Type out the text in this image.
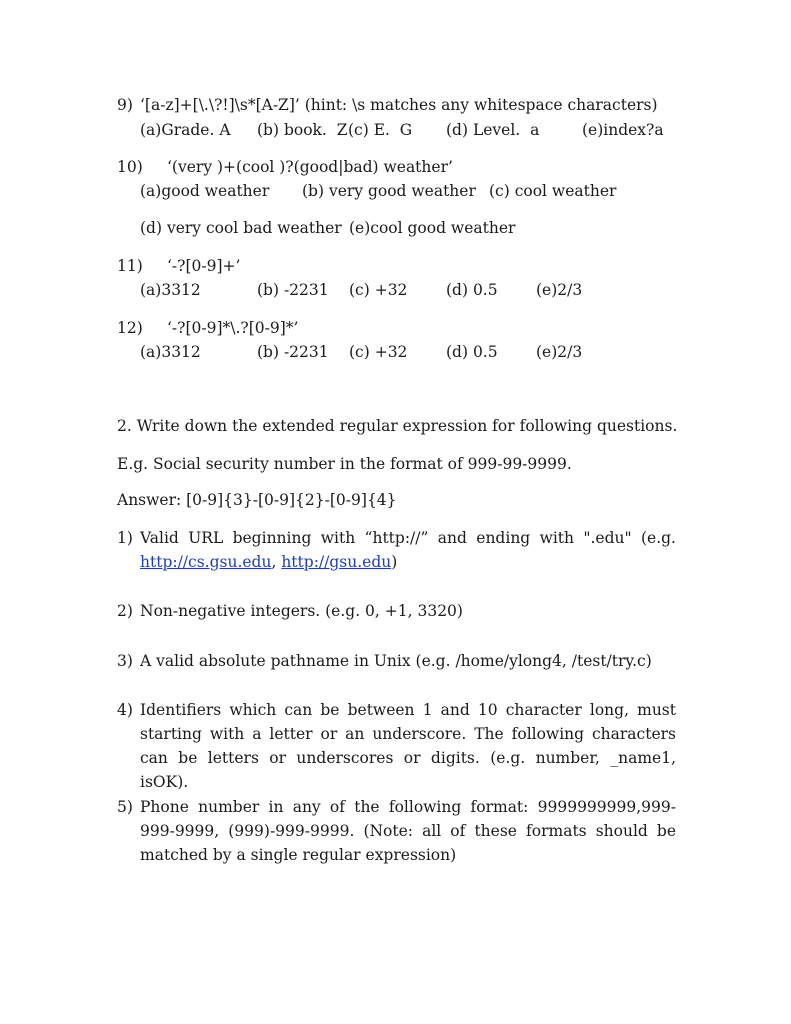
9) ‘[a-z]+[\.\?!]\s*[A-Z]’ (hint: \s matches any whitespace characters)
(a)Grade. A (b) book.  Z (c) E.  G (d) Level.  a	(e)index?a
10) ‘(very )+(cool )?(good|bad) weather’
(a)good weather (b) very good weather (c) cool weather
(d) very cool bad weather (e)cool good weather
11) ‘-?[0-9]+’
(a)3312	(b) -2231 (c) +32 (d) 0.5 (e)2/3
12) ‘-?[0-9]*\.?[0-9]*’
(a)3312	(b) -2231 (c) +32 (d) 0.5 (e)2/3
2. Write down the extended regular expression for following questions.
E.g. Social security number in the format of 999-99-9999.
Answer: [0-9]{3}-[0-9]{2}-[0-9]{4}
1) Valid URL beginning with “http://” and ending with ".edu" (e.g.
http://cs.gsu.edu, http://gsu.edu)
2) Non-negative integers. (e.g. 0, +1, 3320)
3) A valid absolute pathname in Unix (e.g. /home/ylong4, /test/try.c)
4) Identifiers which can be between 1 and 10 character long, must starting with a letter or an underscore. The following characters can be letters or underscores or digits. (e.g. number, _name1, isOK).
5) Phone number in any of the following format: 9999999999,999-999-9999, (999)-999-9999. (Note: all of these formats should be matched by a single regular expression)
